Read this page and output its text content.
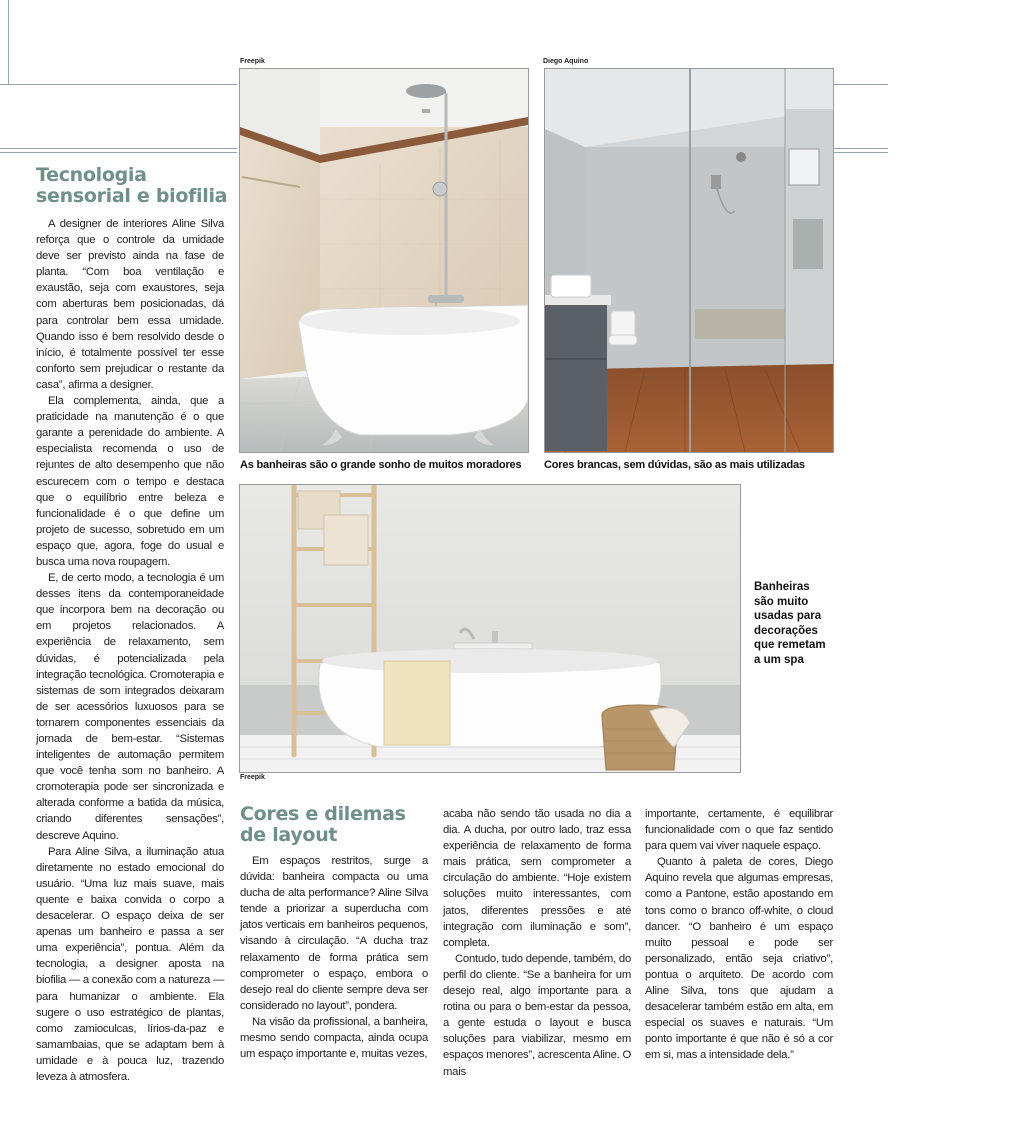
Freepik	Diego Aquino
Freepik
As banheiras são o grande sonho de muitos moradores Cores brancas, sem dúvidas, são as mais utilizadas
Banheiras
são muito
usadas para
decorações
que remetam
a um spa
Tecnologia
sensorial e biofilia

A designer de interiores Aline Silva reforça que o controle da umidade deve ser previsto ainda na fase de planta. “Com boa ventilação e exaustão, seja com exaustores, seja com aberturas bem posicionadas, dá para controlar bem essa umidade. Quando isso é bem resolvido desde o início, é totalmente possível ter esse conforto sem prejudicar o restante da casa”, afirma a designer.

Ela complementa, ainda, que a praticidade na manutenção é o que garante a perenidade do ambiente. A especialista recomenda o uso de rejuntes de alto desempenho que não escurecem com o tempo e destaca que o equilíbrio entre beleza e funcionalidade é o que define um projeto de sucesso, sobretudo em um espaço que, agora, foge do usual e busca uma nova roupagem.

E, de certo modo, a tecnologia é um desses itens da contemporaneidade que incorpora bem na decoração ou em projetos relacionados. A experiência de relaxamento, sem dúvidas, é potencializada pela integração tecnológica. Cromoterapia e sistemas de som integrados deixaram de ser acessórios luxuosos para se tornarem componentes essenciais da jornada de bem-estar. “Sistemas inteligentes de automação permitem que você tenha som no banheiro. A cromoterapia pode ser sincronizada e alterada conforme a batida da música, criando diferentes sensações”, descreve Aquino.

Para Aline Silva, a iluminação atua diretamente no estado emocional do usuário. “Uma luz mais suave, mais quente e baixa convida o corpo a desacelerar. O espaço deixa de ser apenas um banheiro e passa a ser uma experiência”, pontua. Além da tecnologia, a designer aposta na biofilia — a conexão com a natureza — para humanizar o ambiente. Ela sugere o uso estratégico de plantas, como zamioculcas, lírios-da-paz e samambaias, que se adaptam bem à umidade e à pouca luz, trazendo leveza à atmosfera.

Cores e dilemas
de layout

Em espaços restritos, surge a dúvida: banheira compacta ou uma ducha de alta performance? Aline Silva tende a priorizar a superducha com jatos verticais em banheiros pequenos, visando à circulação. “A ducha traz relaxamento de forma prática sem comprometer o espaço, embora o desejo real do cliente sempre deva ser considerado no layout”, pondera.

Na visão da profissional, a banheira, mesmo sendo compacta, ainda ocupa um espaço importante e, muitas vezes,

acaba não sendo tão usada no dia a dia. A ducha, por outro lado, traz essa experiência de relaxamento de forma mais prática, sem comprometer a circulação do ambiente. “Hoje existem soluções muito interessantes, com jatos, diferentes pressões e até integração com iluminação e som”, completa.

Contudo, tudo depende, também, do perfil do cliente. “Se a banheira for um desejo real, algo importante para a rotina ou para o bem-estar da pessoa, a gente estuda o layout e busca soluções para viabilizar, mesmo em espaços menores”, acrescenta Aline. O mais

importante, certamente, é equilibrar funcionalidade com o que faz sentido para quem vai viver naquele espaço.

Quanto à paleta de cores, Diego Aquino revela que algumas empresas, como a Pantone, estão apostando em tons como o branco off-white, o cloud dancer. “O banheiro é um espaço muito pessoal e pode ser personalizado, então seja criativo”, pontua o arquiteto. De acordo com Aline Silva, tons que ajudam a desacelerar também estão em alta, em especial os suaves e naturais. “Um ponto importante é que não é só a cor em si, mas a intensidade dela.”
